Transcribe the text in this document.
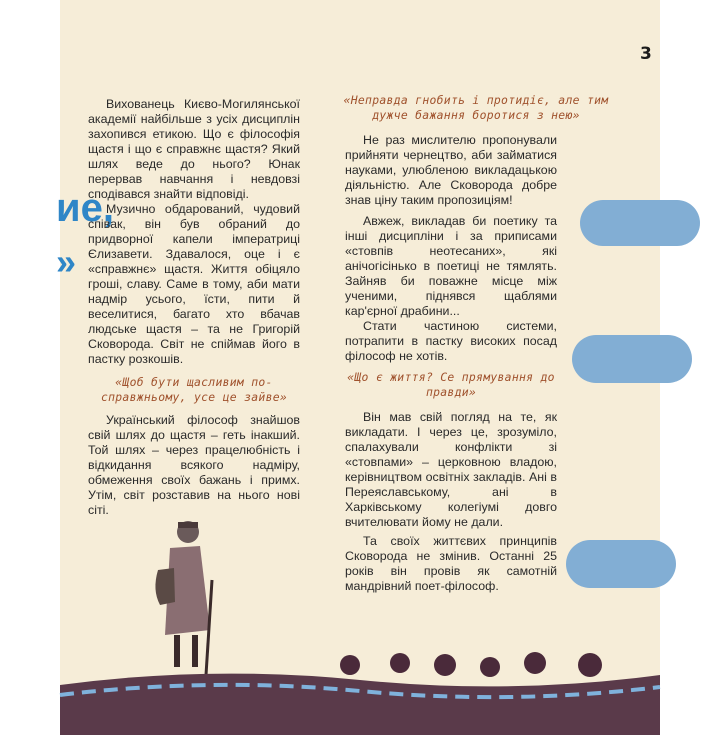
3
ие,
»

Вихованець Києво-Могилянської академії найбільше з усіх дисциплін захопився етикою. Що є філософія щастя і що є справжнє щастя? Який шлях веде до нього? Юнак перервав навчання і невдовзі сподівався знайти відповіді.

Музично обдарований, чудовий співак, він був обраний до придворної капели імператриці Єлизавети. Здавалося, оце і є «справжнє» щастя. Життя обіцяло гроші, славу. Саме в тому, аби мати надмір усього, їсти, пити й веселитися, багато хто вбачав людське щастя – та не Григорій Сковорода. Світ не спіймав його в пастку розкошів.

«Щоб бути щасливим по-справжньому, усе це зайве»

Український філософ знайшов свій шлях до щастя – геть інакший. Той шлях – через працелюбність і відкидання всякого надміру, обмеження своїх бажань і примх. Утім, світ розставив на нього нові сіті.

«Неправда гнобить і протидіє, але тим дужче бажання боротися з нею»

Не раз мислителю пропонували прийняти чернецтво, аби займатися науками, улюбленою викладацькою діяльністю. Але Сковорода добре знав ціну таким пропозиціям!

Авжеж, викладав би поетику та інші дисципліни і за приписами «стовпів неотесаних», які анічогісінько в поетиці не тямлять. Зайняв би поважне місце між ученими, піднявся щаблями кар'єрної драбини...

Стати частиною системи, потрапити в пастку високих посад філософ не хотів.

«Що є життя? Се прямування до правди»

Він мав свій погляд на те, як викладати. І через це, зрозуміло, спалахували конфлікти зі «стовпами» – церковною владою, керівництвом освітніх закладів. Ані в Переяславському, ані в Харківському колегіумі довго вчителювати йому не дали.

Та своїх життєвих принципів Сковорода не змінив. Останні 25 років він провів як самотній мандрівний поет-філософ.
